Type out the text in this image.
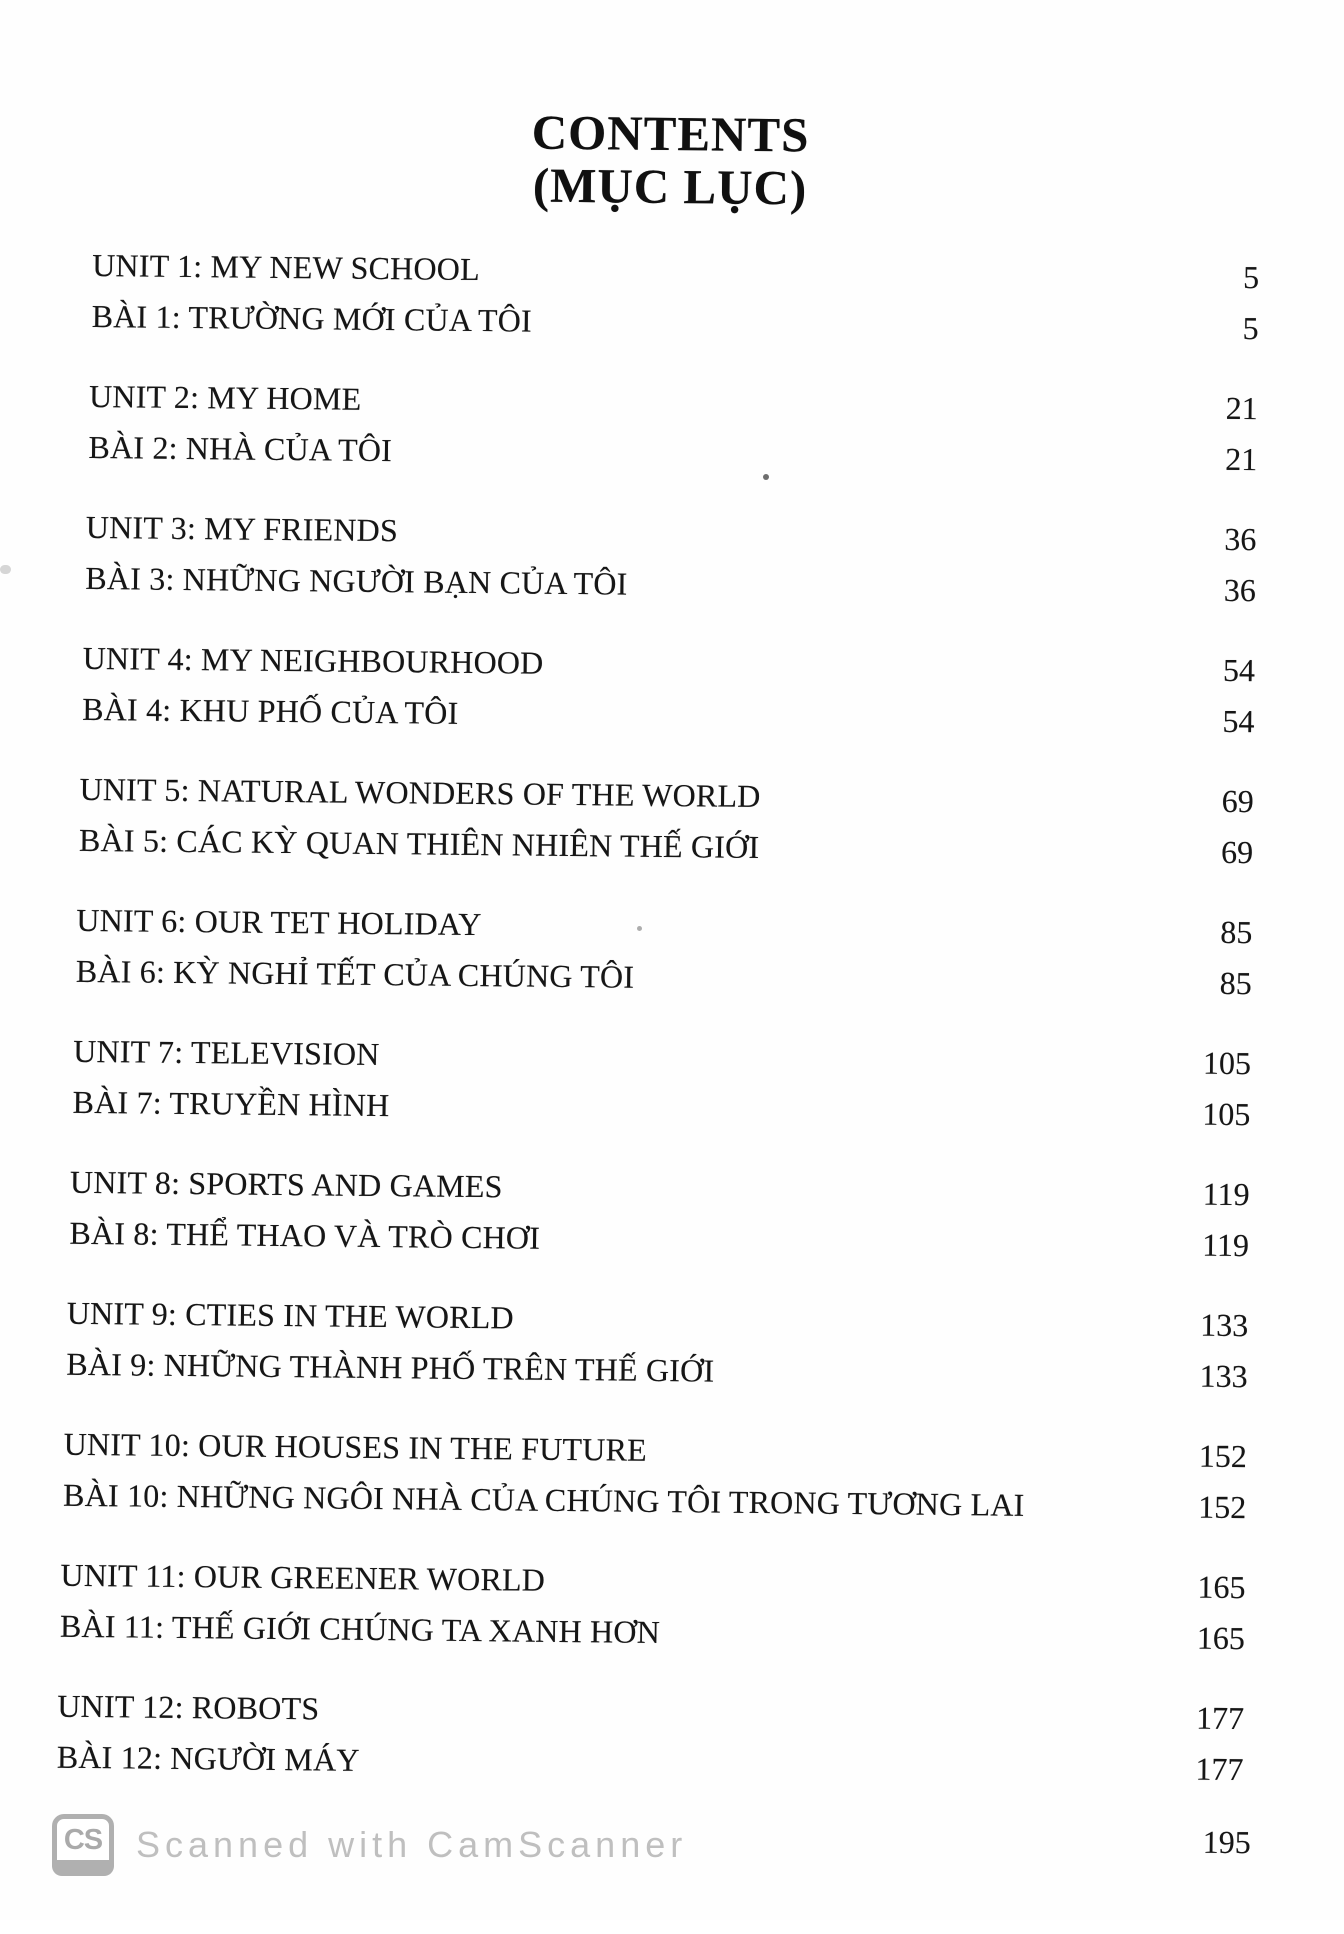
CONTENTS
(MỤC LỤC)
UNIT 1: MY NEW SCHOOL	5
BÀI 1: TRƯỜNG MỚI CỦA TÔI	5
UNIT 2: MY HOME	21
BÀI 2: NHÀ CỦA TÔI	21
UNIT 3: MY FRIENDS	36
BÀI 3: NHỮNG NGƯỜI BẠN CỦA TÔI	36
UNIT 4: MY NEIGHBOURHOOD	54
BÀI 4: KHU PHỐ CỦA TÔI	54
UNIT 5: NATURAL WONDERS OF THE WORLD	69
BÀI 5: CÁC KỲ QUAN THIÊN NHIÊN THẾ GIỚI	69
UNIT 6: OUR TET HOLIDAY	85
BÀI 6: KỲ NGHỈ TẾT CỦA CHÚNG TÔI	85
UNIT 7: TELEVISION	105
BÀI 7: TRUYỀN HÌNH	105
UNIT 8: SPORTS AND GAMES	119
BÀI 8: THỂ THAO VÀ TRÒ CHƠI	119
UNIT 9: CTIES IN THE WORLD	133
BÀI 9: NHỮNG THÀNH PHỐ TRÊN THẾ GIỚI	133
UNIT 10: OUR HOUSES IN THE FUTURE	152
BÀI 10: NHỮNG NGÔI NHÀ CỦA CHÚNG TÔI TRONG TƯƠNG LAI	152
UNIT 11: OUR GREENER WORLD	165
BÀI 11: THẾ GIỚI CHÚNG TA XANH HƠN	165
UNIT 12: ROBOTS	177
BÀI 12: NGƯỜI MÁY	177
195
CS Scanned with CamScanner
